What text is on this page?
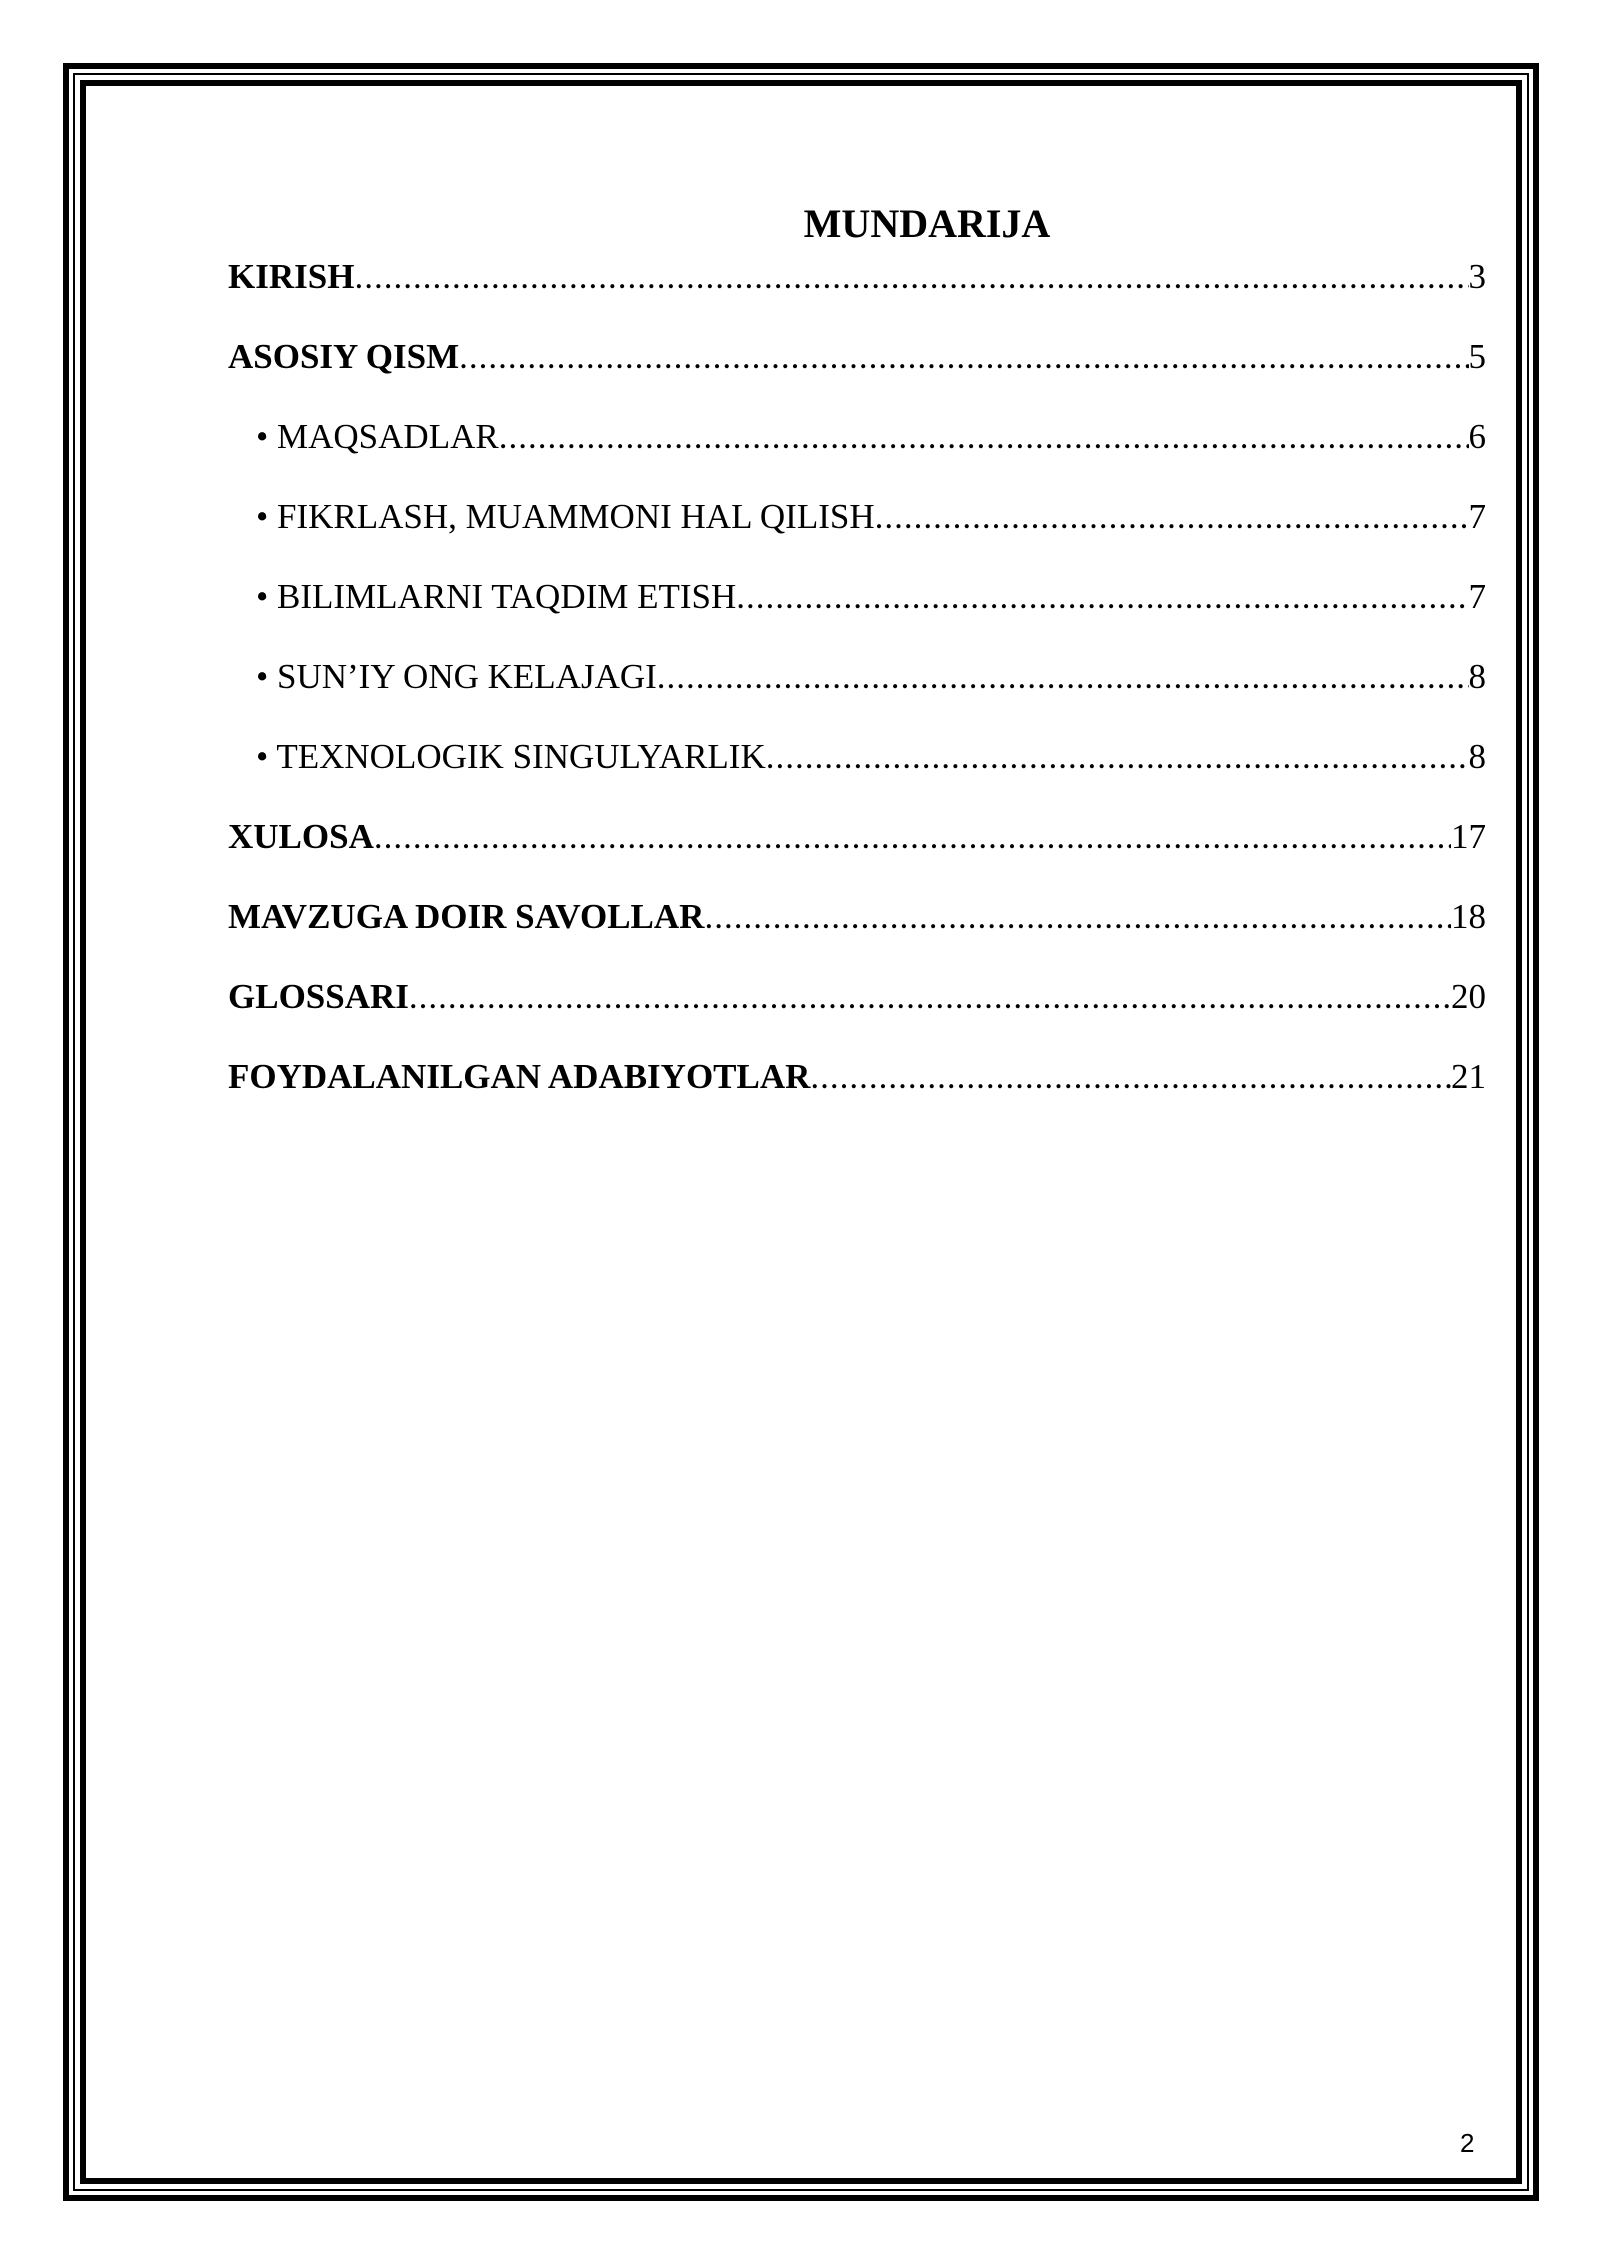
MUNDARIJA
KIRISH .....	3
ASOSIY QISM .....	5
• MAQSADLAR .....	6
• FIKRLASH, MUAMMONI HAL QILISH .....	7
• BILIMLARNI TAQDIM ETISH .....	7
• SUN’IY ONG KELAJAGI .....	8
• TEXNOLOGIK SINGULYARLIK .....	8
XULOSA .....	17
MAVZUGA DOIR SAVOLLAR .....	18
GLOSSARI .....	20
FOYDALANILGAN ADABIYOTLAR .....	21
2
